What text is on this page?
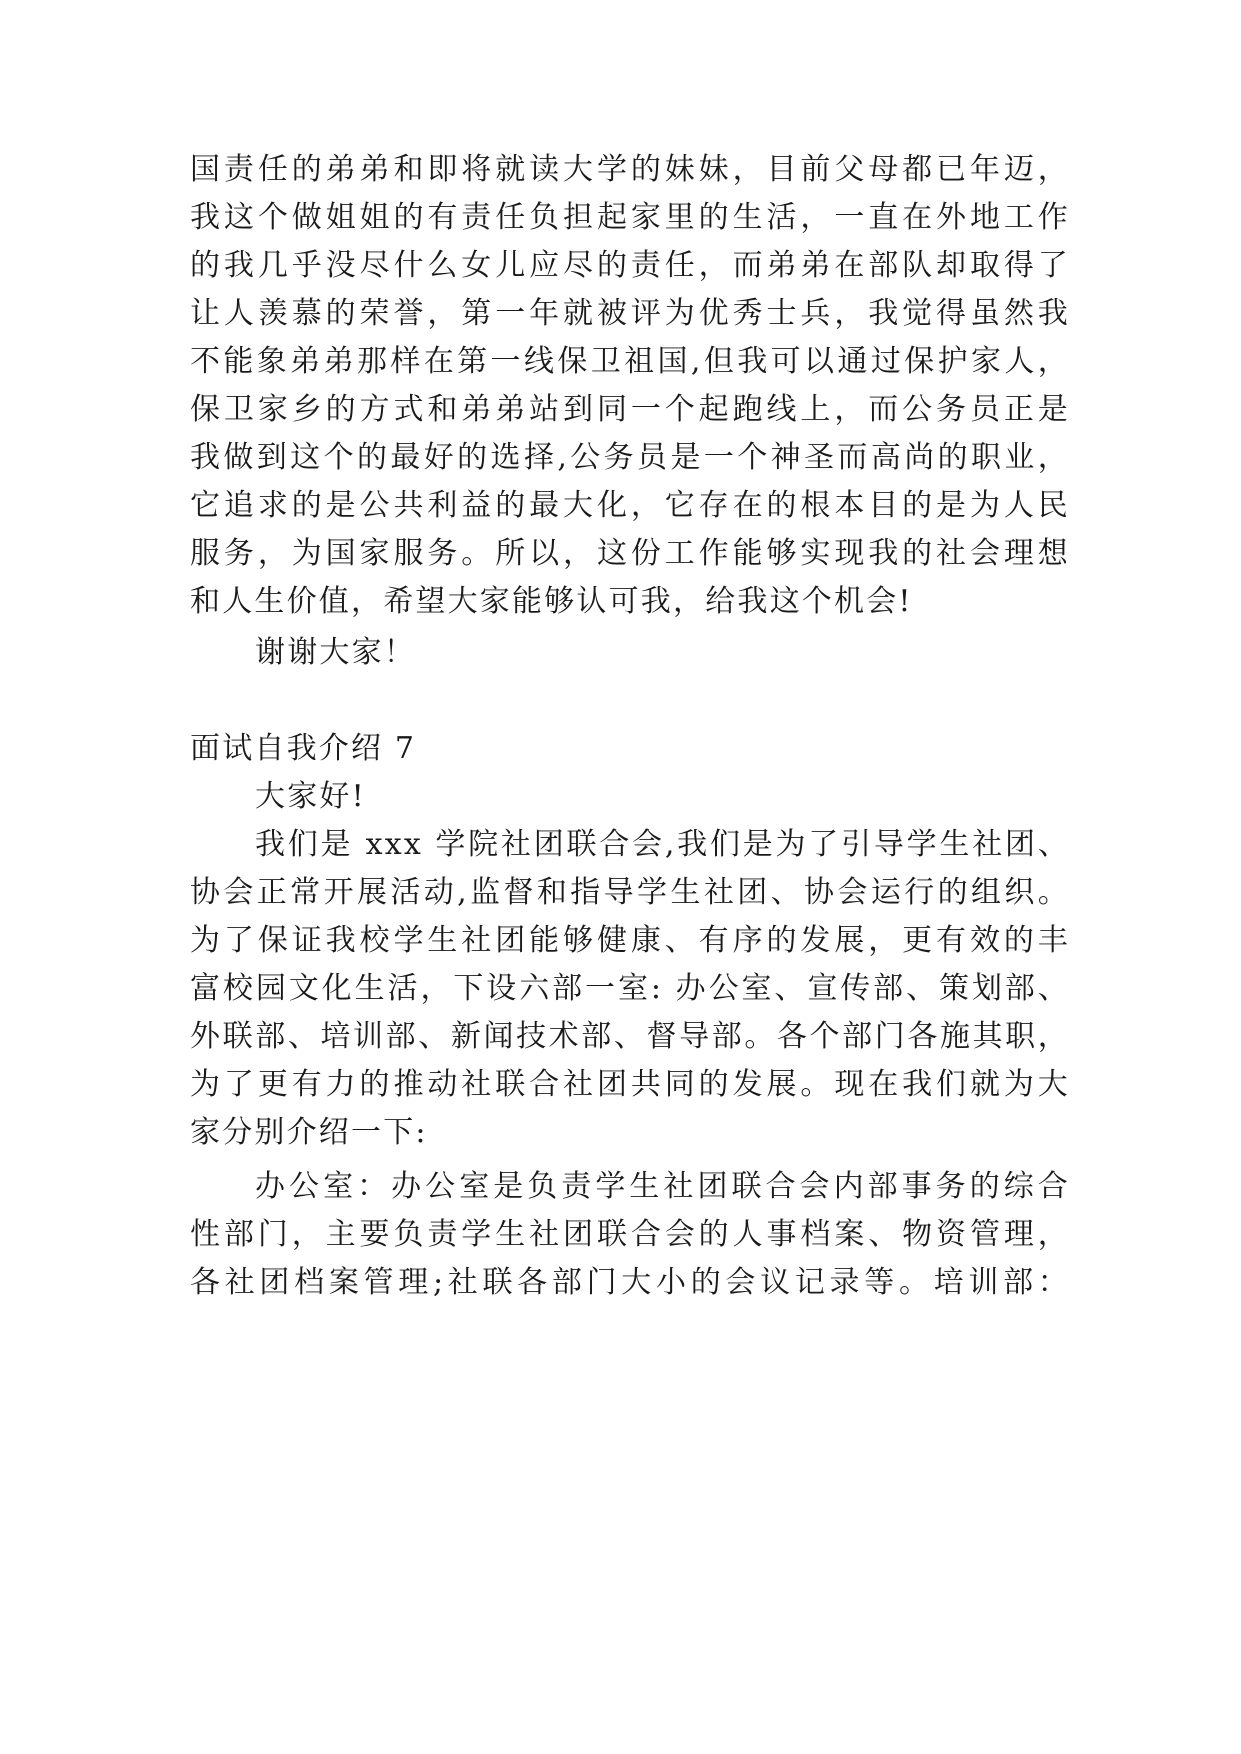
国责任的弟弟和即将就读大学的妹妹，目前父母都已年迈，
我这个做姐姐的有责任负担起家里的生活，一直在外地工作
的我几乎没尽什么女儿应尽的责任，而弟弟在部队却取得了
让人羡慕的荣誉，第一年就被评为优秀士兵，我觉得虽然我
不能象弟弟那样在第一线保卫祖国,但我可以通过保护家人，
保卫家乡的方式和弟弟站到同一个起跑线上，而公务员正是
我做到这个的最好的选择,公务员是一个神圣而高尚的职业，
它追求的是公共利益的最大化，它存在的根本目的是为人民
服务，为国家服务。所以，这份工作能够实现我的社会理想
和人生价值，希望大家能够认可我，给我这个机会!
谢谢大家！
面试自我介绍 7
大家好!
我们是 xxx 学院社团联合会,我们是为了引导学生社团、
协会正常开展活动,监督和指导学生社团、协会运行的组织。
为了保证我校学生社团能够健康、有序的发展，更有效的丰
富校园文化生活，下设六部一室: 办公室、宣传部、策划部、
外联部、培训部、新闻技术部、督导部。各个部门各施其职，
为了更有力的推动社联合社团共同的发展。现在我们就为大
家分别介绍一下:
办公室：办公室是负责学生社团联合会内部事务的综合
性部门，主要负责学生社团联合会的人事档案、物资管理，
各社团档案管理;社联各部门大小的会议记录等。培训部：
